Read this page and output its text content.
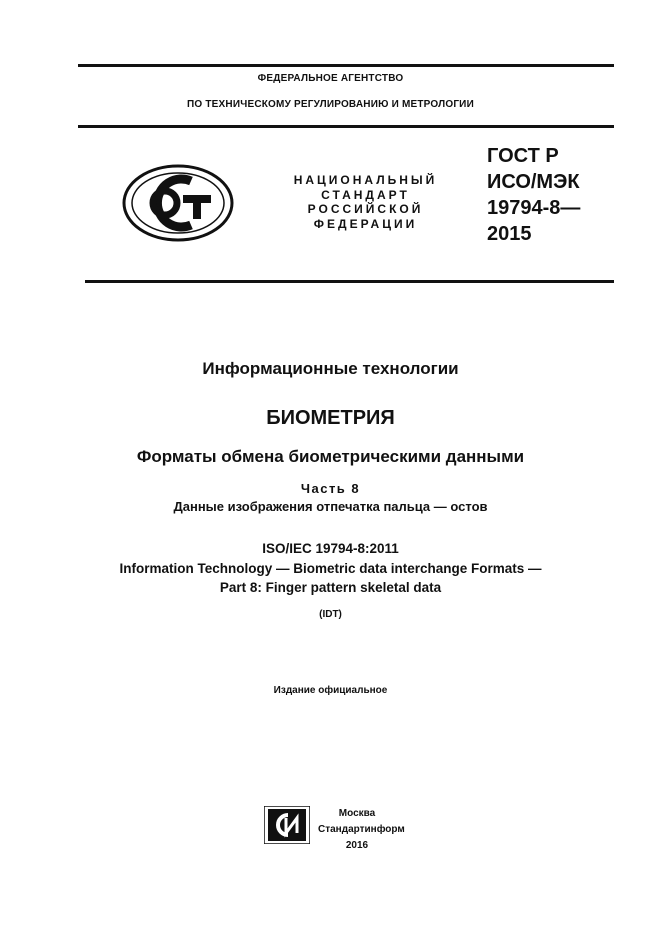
ФЕДЕРАЛЬНОЕ АГЕНТСТВО
ПО ТЕХНИЧЕСКОМУ РЕГУЛИРОВАНИЮ И МЕТРОЛОГИИ
НАЦИОНАЛЬНЫЙ
СТАНДАРТ
РОССИЙСКОЙ
ФЕДЕРАЦИИ
ГОСТ Р
ИСО/МЭК
19794-8—
2015
Информационные технологии
БИОМЕТРИЯ
Форматы обмена биометрическими данными
Часть 8
Данные изображения отпечатка пальца — остов
ISO/IEC 19794-8:2011
Information Technology — Biometric data interchange Formats —
Part 8: Finger pattern skeletal data
(IDT)
Издание официальное
Москва
Стандартинформ
2016
